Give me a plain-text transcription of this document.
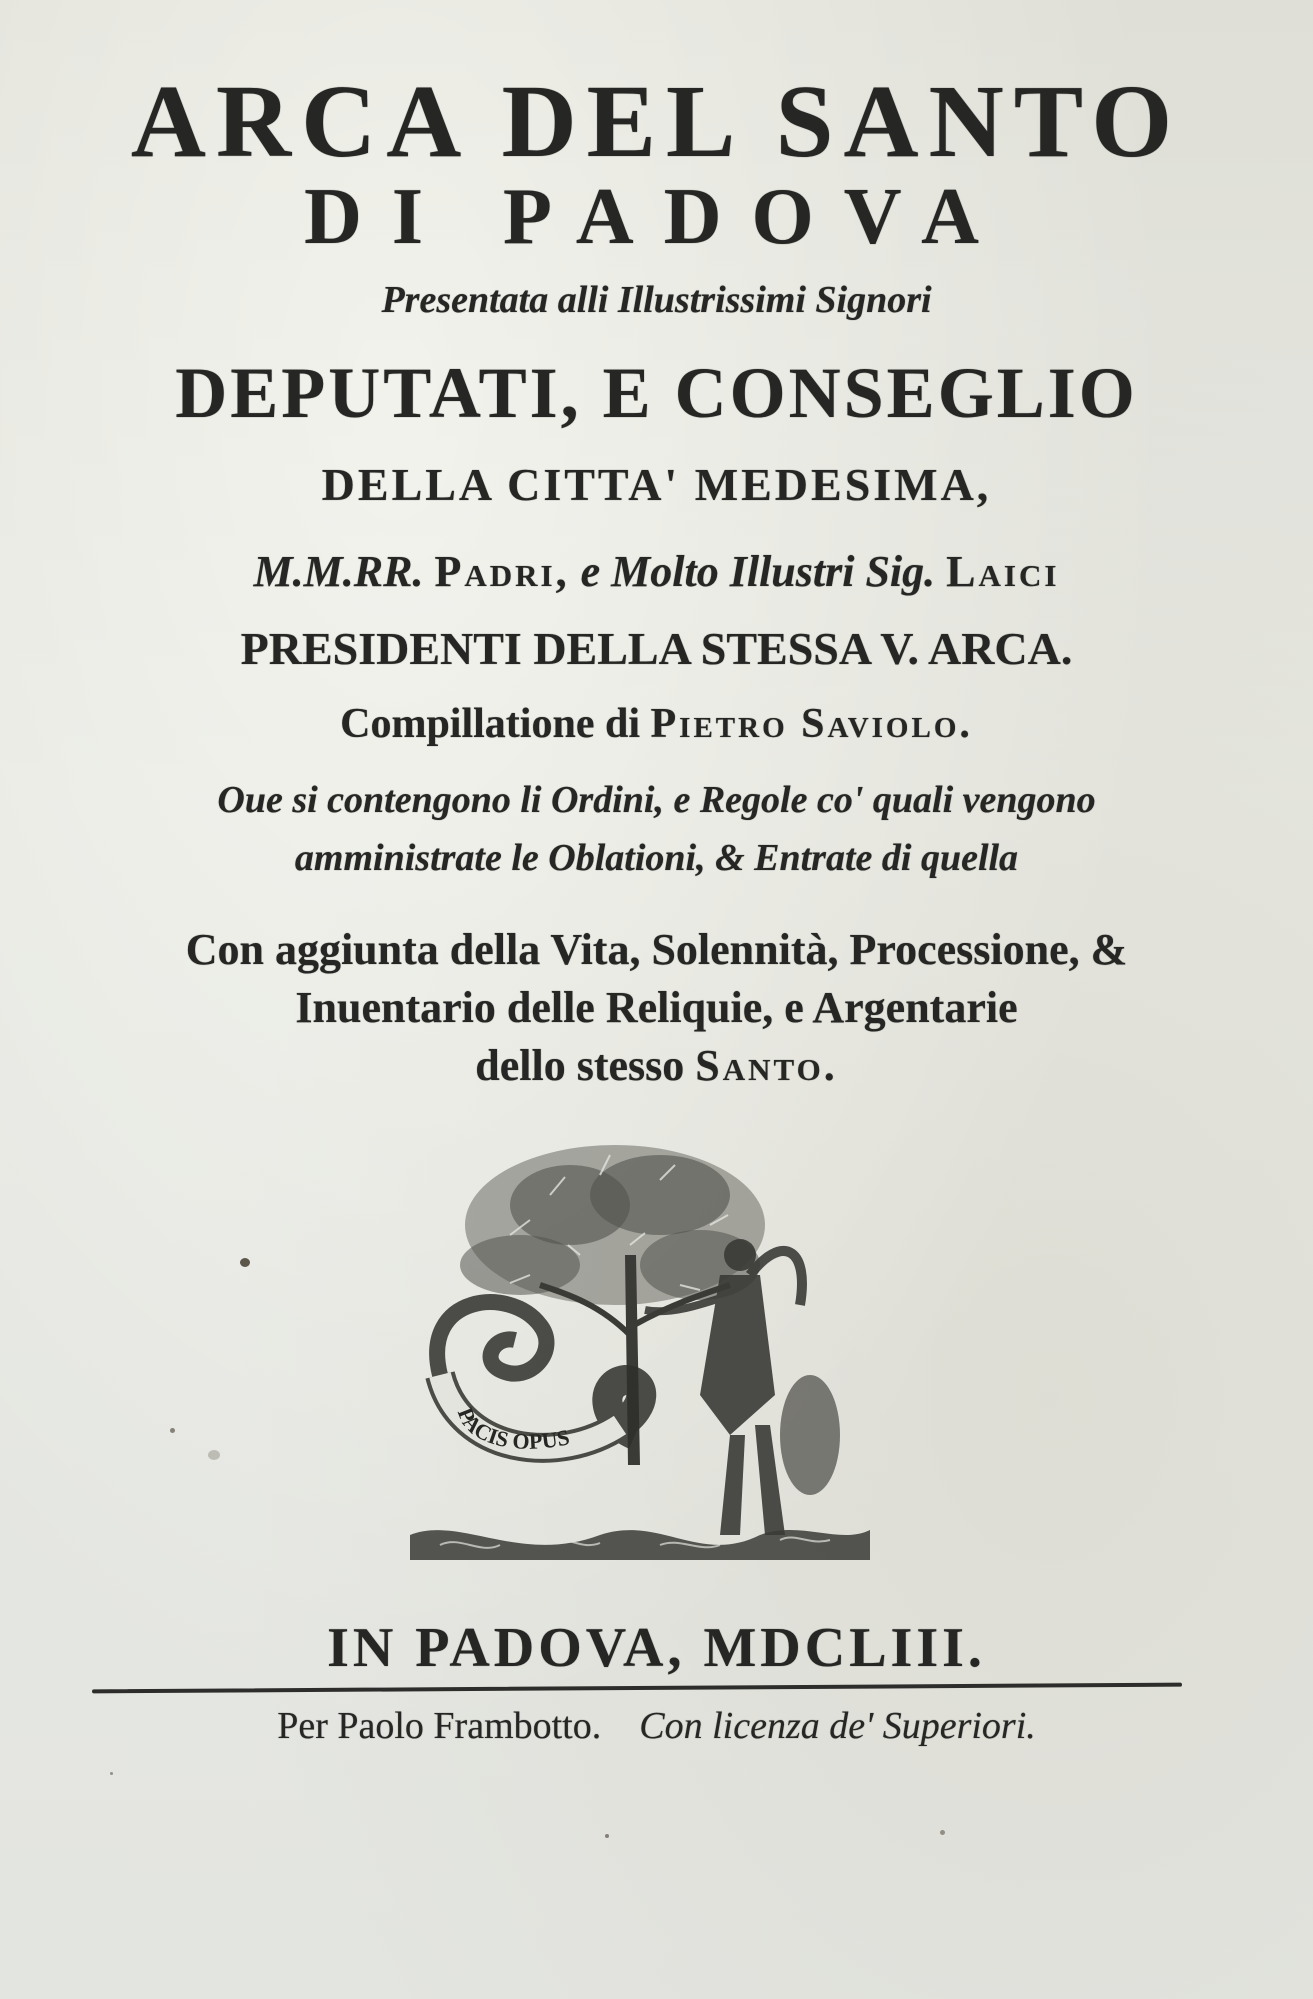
ARCA DEL SANTO
DI PADOVA
Presentata alli Illustrissimi Signori
DEPUTATI, E CONSEGLIO
DELLA CITTA' MEDESIMA,
M.M.RR. Padri, e Molto Illustri Sig. Laici
PRESIDENTI DELLA STESSA V. ARCA.
Compillatione di Pietro Saviolo.
Oue si contengono li Ordini, e Regole co' quali vengono
amministrate le Oblationi, & Entrate di quella
Con aggiunta della Vita, Solennità, Processione, &
Inuentario delle Reliquie, e Argentarie
dello stesso Santo.
PACIS OPUS
IN PADOVA, MDCLIII.
Per Paolo Frambotto. Con licenza de' Superiori.
